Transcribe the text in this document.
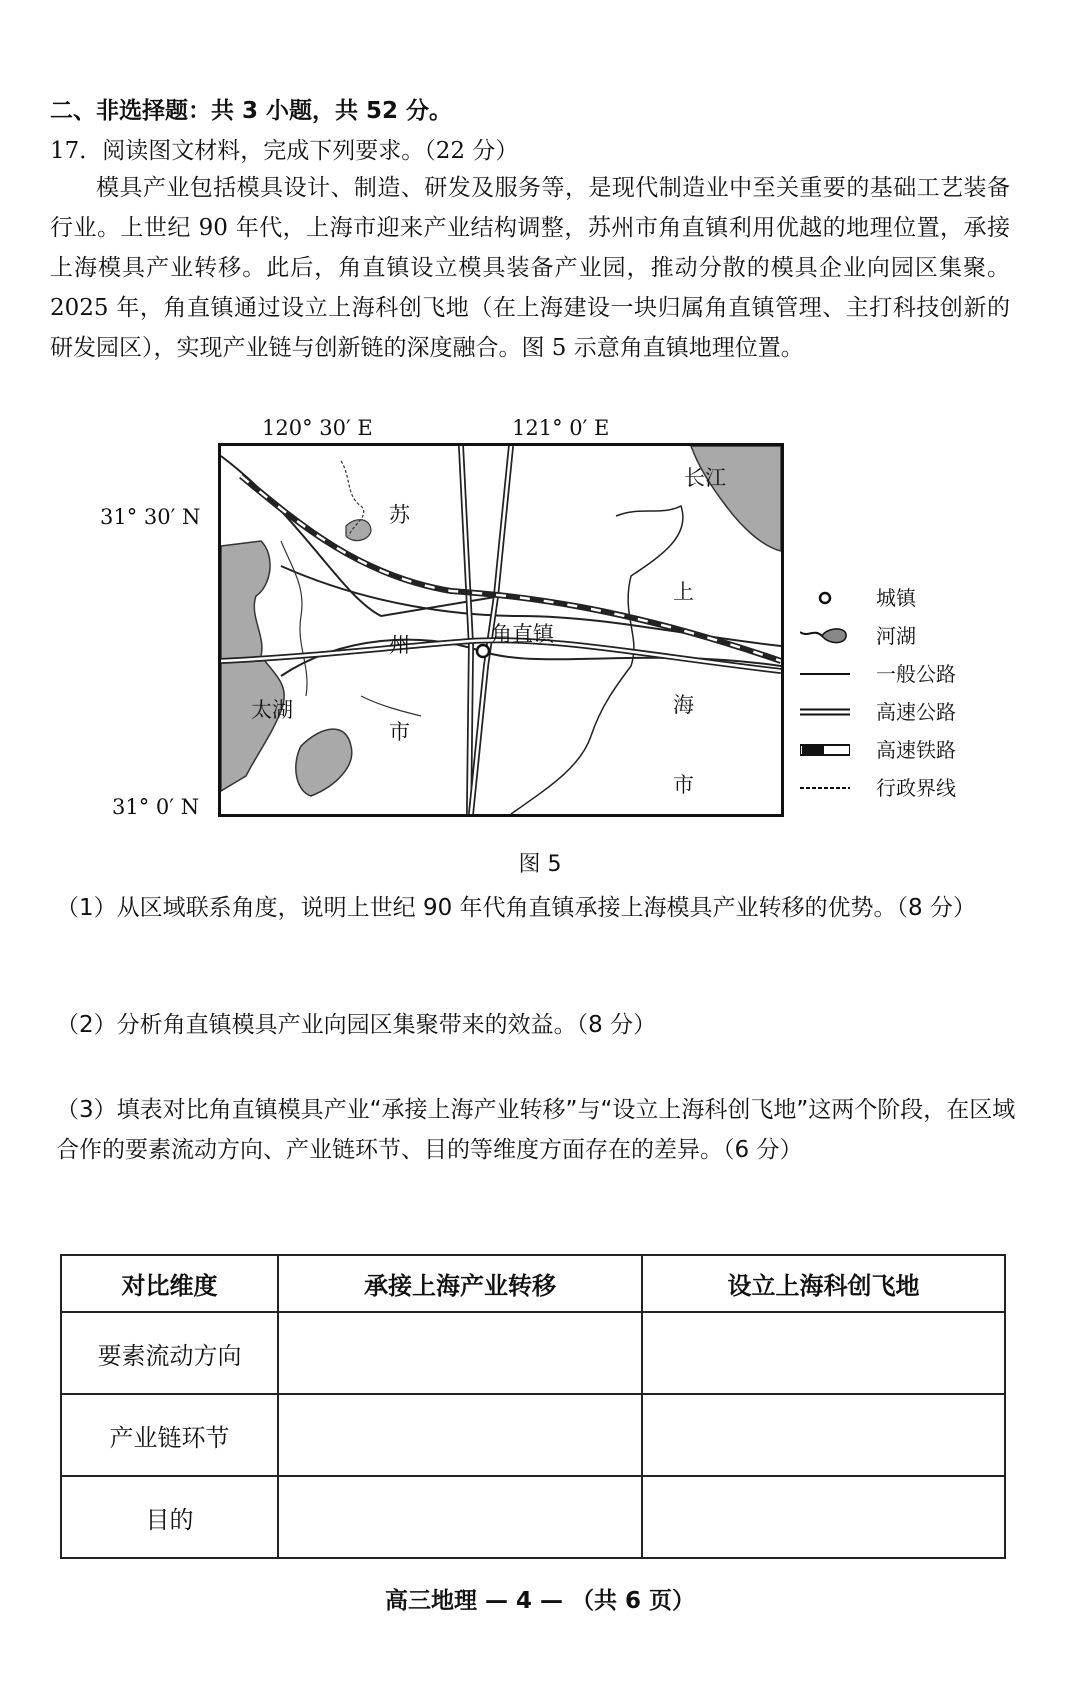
二、非选择题：共 3 小题，共 52 分。
17．阅读图文材料，完成下列要求。（22 分）

模具产业包括模具设计、制造、研发及服务等，是现代制造业中至关重要的基础工艺装备行业。上世纪 90 年代，上海市迎来产业结构调整，苏州市角直镇利用优越的地理位置，承接上海模具产业转移。此后，角直镇设立模具装备产业园，推动分散的模具企业向园区集聚。2025 年，角直镇通过设立上海科创飞地（在上海建设一块归属角直镇管理、主打科技创新的研发园区），实现产业链与创新链的深度融合。图 5 示意角直镇地理位置。

120° 30′ E	121° 0′ E
31° 30′ N
31° 0′ N
长江
苏
州
市
太湖
角直镇
上
海
市
城镇
河湖
一般公路
高速公路
高速铁路
行政界线
图 5
（1）从区域联系角度，说明上世纪 90 年代角直镇承接上海模具产业转移的优势。（8 分）
（2）分析角直镇模具产业向园区集聚带来的效益。（8 分）
（3）填表对比角直镇模具产业“承接上海产业转移”与“设立上海科创飞地”这两个阶段，在区域合作的要素流动方向、产业链环节、目的等维度方面存在的差异。（6 分）
对比维度	承接上海产业转移	设立上海科创飞地
要素流动方向		
产业链环节		
目的		
高三地理 — 4 — （共 6 页）
